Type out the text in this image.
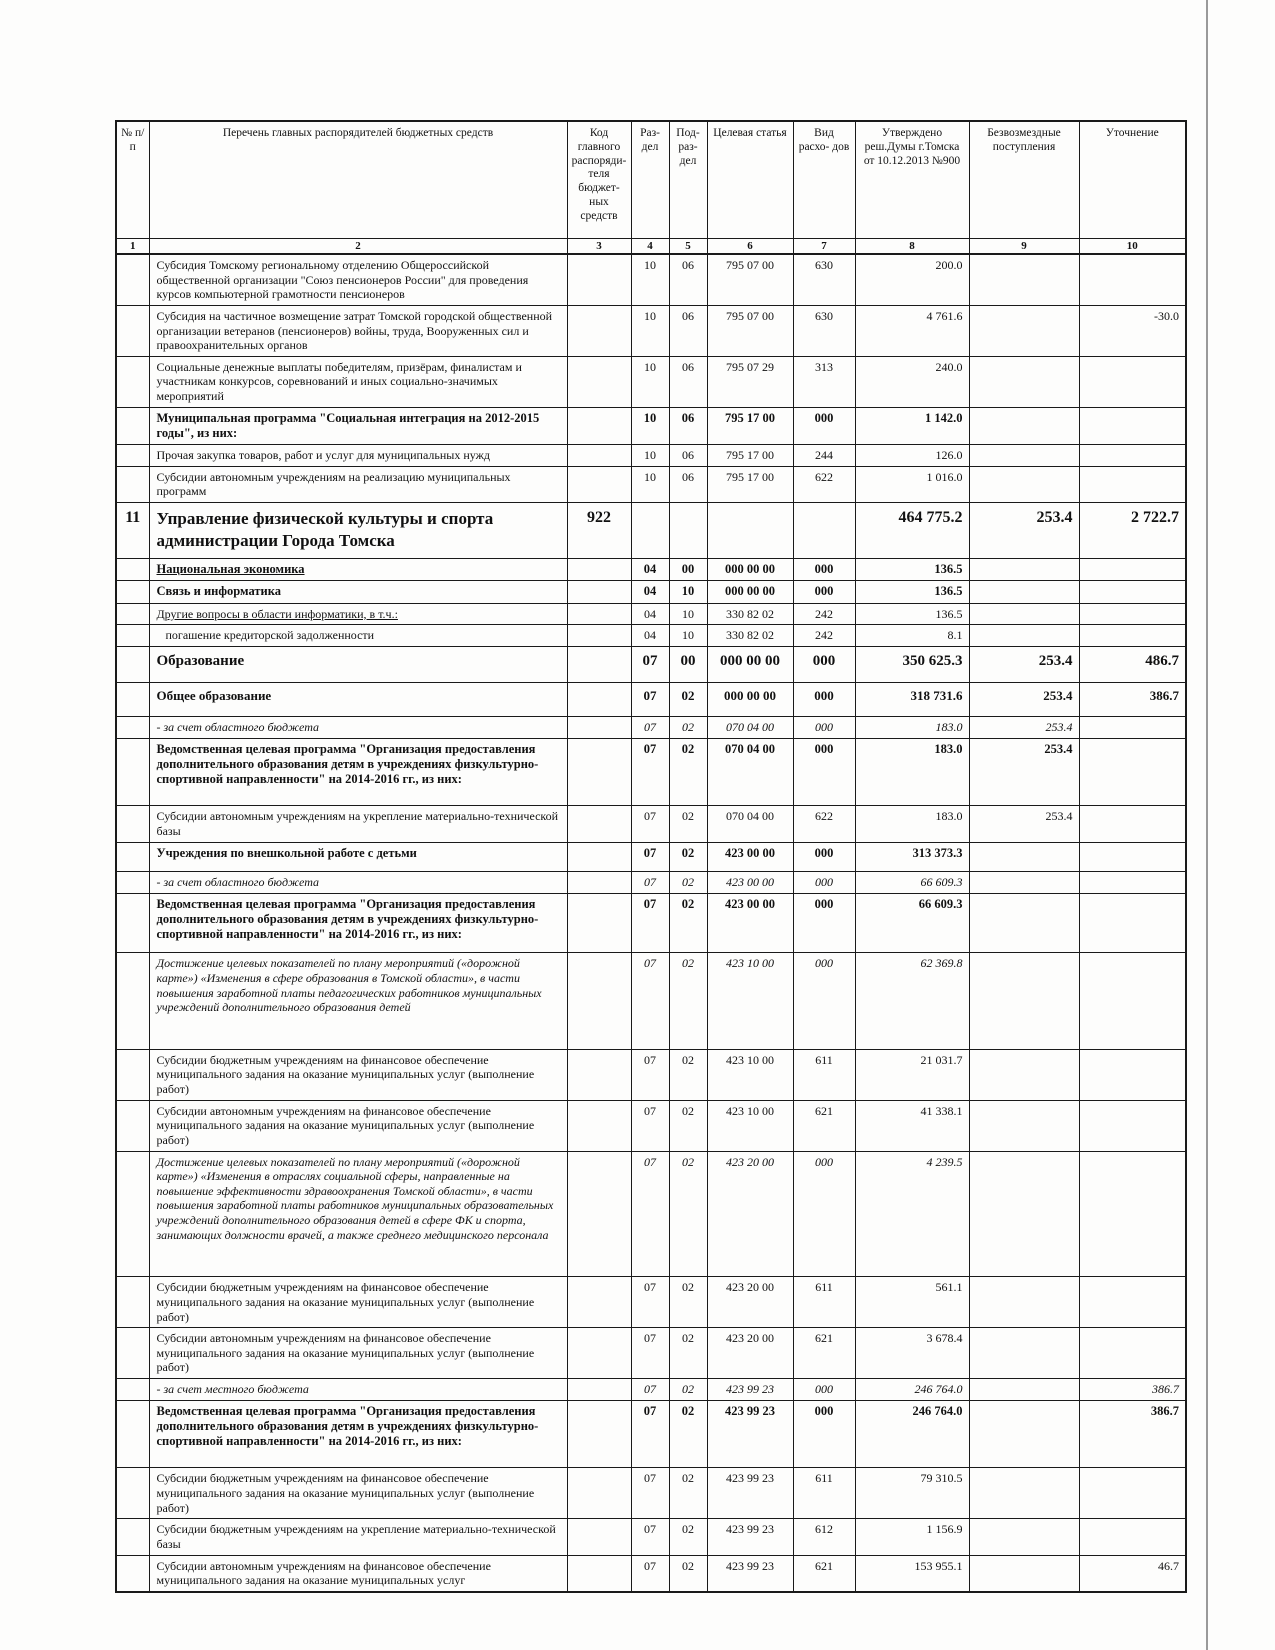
№ п/п	Перечень главных распорядителей бюджетных средств	Код главного распоряди- теля бюджет- ных средств	Раз- дел	Под- раз- дел	Целевая статья	Вид расхо- дов	Утверждено реш.Думы г.Томска от 10.12.2013 №900	Безвозмездные поступления	Уточнение
1	2	3	4	5	6	7	8	9	10
	Субсидия Томскому региональному отделению Общероссийской общественной организации "Союз пенсионеров России" для проведения курсов компьютерной грамотности пенсионеров		10	06	795 07 00	630	200.0		
	Субсидия на частичное возмещение затрат Томской городской общественной организации ветеранов (пенсионеров) войны, труда, Вооруженных сил и правоохранительных органов		10	06	795 07 00	630	4 761.6		-30.0
	Социальные денежные выплаты победителям, призёрам, финалистам и участникам конкурсов, соревнований и иных социально-значимых мероприятий		10	06	795 07 29	313	240.0		
	Муниципальная программа "Социальная интеграция на 2012-2015 годы", из них:		10	06	795 17 00	000	1 142.0		
	Прочая закупка товаров, работ и услуг для муниципальных нужд		10	06	795 17 00	244	126.0		
	Субсидии автономным учреждениям на реализацию муниципальных программ		10	06	795 17 00	622	1 016.0		
11	Управление физической культуры и спорта администрации Города Томска	922					464 775.2	253.4	2 722.7
	Национальная экономика		04	00	000 00 00	000	136.5		
	Связь и информатика		04	10	000 00 00	000	136.5		
	Другие вопросы в области информатики, в т.ч.:		04	10	330 82 02	242	136.5		
	погашение кредиторской задолженности		04	10	330 82 02	242	8.1		
	Образование		07	00	000 00 00	000	350 625.3	253.4	486.7
	Общее образование		07	02	000 00 00	000	318 731.6	253.4	386.7
	- за счет областного бюджета		07	02	070 04 00	000	183.0	253.4	
	Ведомственная целевая программа "Организация предоставления дополнительного образования детям в учреждениях физкультурно-спортивной направленности" на 2014-2016 гг., из них:		07	02	070 04 00	000	183.0	253.4	
	Субсидии автономным учреждениям на укрепление материально-технической базы		07	02	070 04 00	622	183.0	253.4	
	Учреждения по внешкольной работе с детьми		07	02	423 00 00	000	313 373.3		
	- за счет областного бюджета		07	02	423 00 00	000	66 609.3		
	Ведомственная целевая программа "Организация предоставления дополнительного образования детям в учреждениях физкультурно-спортивной направленности" на 2014-2016 гг., из них:		07	02	423 00 00	000	66 609.3		
	Достижение целевых показателей по плану мероприятий («дорожной карте») «Изменения в сфере образования в Томской области», в части повышения заработной платы педагогических работников муниципальных учреждений дополнительного образования детей		07	02	423 10 00	000	62 369.8		
	Субсидии бюджетным учреждениям на финансовое обеспечение муниципального задания на оказание муниципальных услуг (выполнение работ)		07	02	423 10 00	611	21 031.7		
	Субсидии автономным учреждениям на финансовое обеспечение муниципального задания на оказание муниципальных услуг (выполнение работ)		07	02	423 10 00	621	41 338.1		
	Достижение целевых показателей по плану мероприятий («дорожной карте») «Изменения в отраслях социальной сферы, направленные на повышение эффективности здравоохранения Томской области», в части повышения заработной платы работников муниципальных образовательных учреждений дополнительного образования детей в сфере ФК и спорта, занимающих должности врачей, а также среднего медицинского персонала		07	02	423 20 00	000	4 239.5		
	Субсидии бюджетным учреждениям на финансовое обеспечение муниципального задания на оказание муниципальных услуг (выполнение работ)		07	02	423 20 00	611	561.1		
	Субсидии автономным учреждениям на финансовое обеспечение муниципального задания на оказание муниципальных услуг (выполнение работ)		07	02	423 20 00	621	3 678.4		
	- за счет местного бюджета		07	02	423 99 23	000	246 764.0		386.7
	Ведомственная целевая программа "Организация предоставления дополнительного образования детям в учреждениях физкультурно-спортивной направленности" на 2014-2016 гг., из них:		07	02	423 99 23	000	246 764.0		386.7
	Субсидии бюджетным учреждениям на финансовое обеспечение муниципального задания на оказание муниципальных услуг (выполнение работ)		07	02	423 99 23	611	79 310.5		
	Субсидии бюджетным учреждениям на укрепление материально-технической базы		07	02	423 99 23	612	1 156.9		
	Субсидии автономным учреждениям на финансовое обеспечение муниципального задания на оказание муниципальных услуг		07	02	423 99 23	621	153 955.1		46.7
